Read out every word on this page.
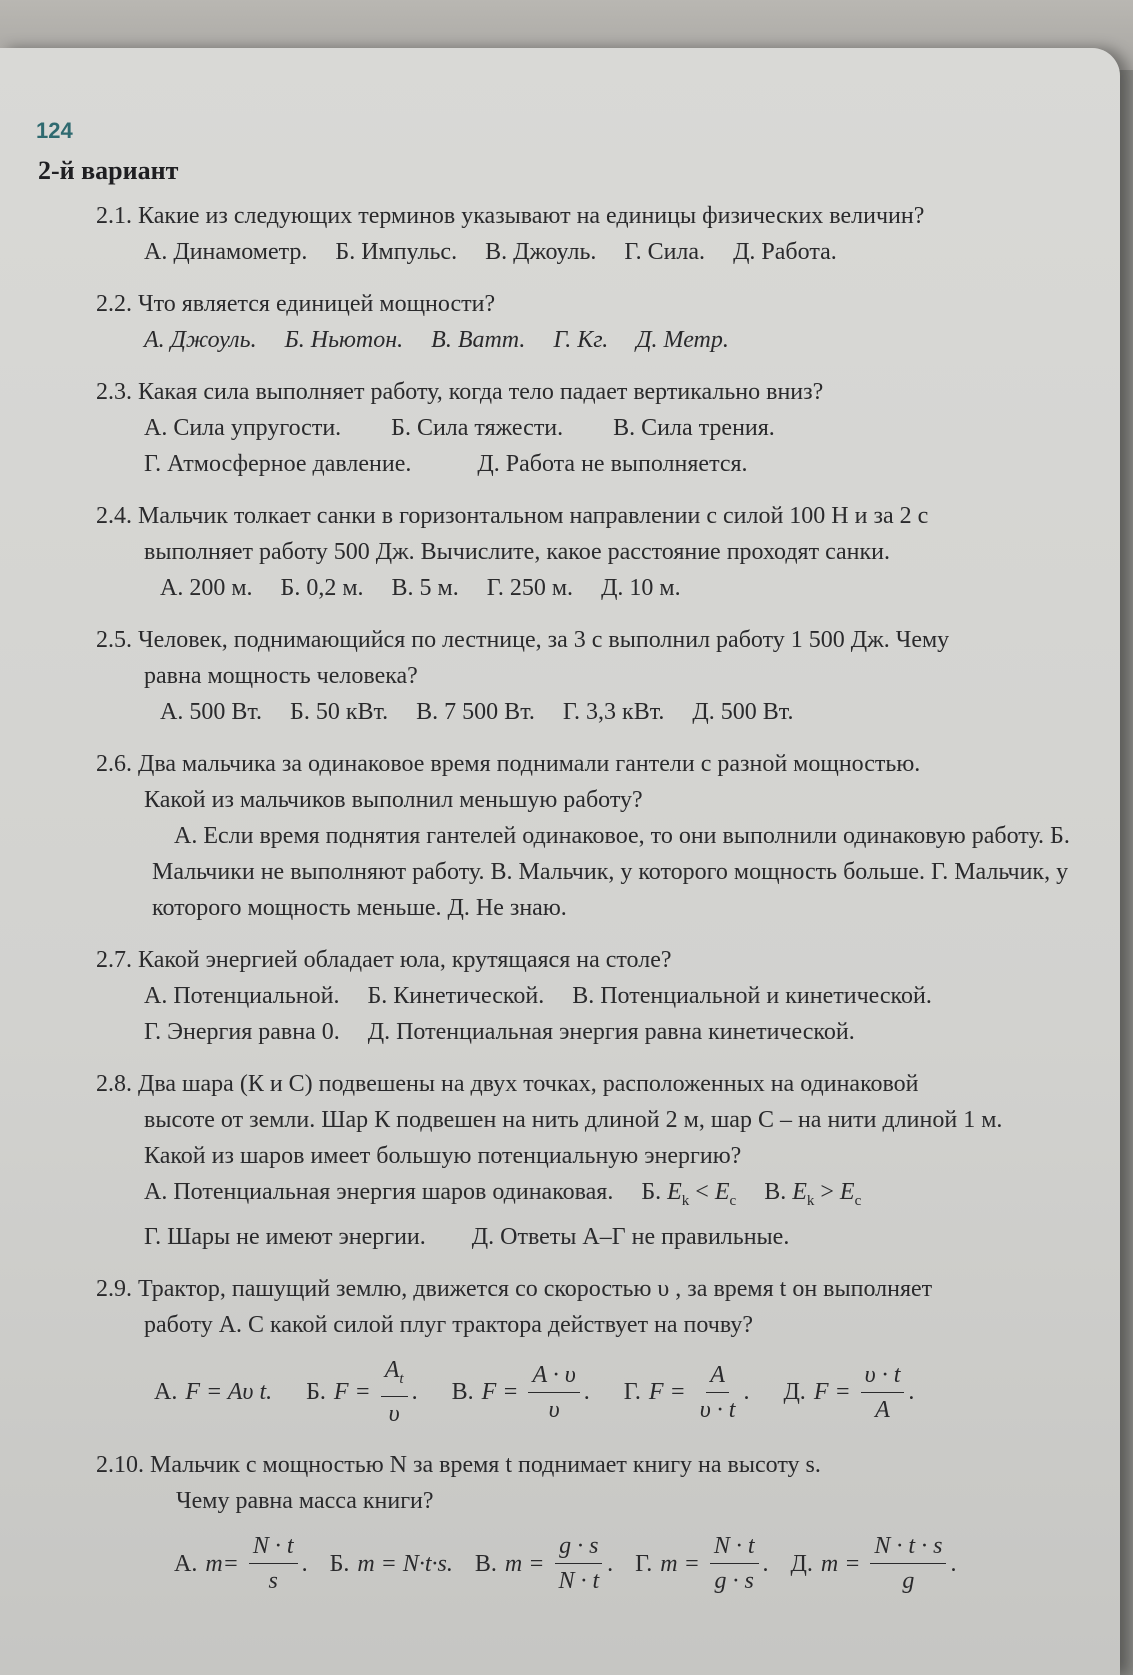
124
2-й вариант
2.1. Какие из следующих терминов указывают на единицы физических величин?
А. Динамометр. Б. Импульс. В. Джоуль. Г. Сила. Д. Работа.
2.2. Что является единицей мощности?
А. Джоуль. Б. Ньютон. В. Ватт. Г. Кг. Д. Метр.
2.3. Какая сила выполняет работу, когда тело падает вертикально вниз?
А. Сила упругости. Б. Сила тяжести. В. Сила трения.
Г. Атмосферное давление.	Д. Работа не выполняется.
2.4. Мальчик толкает санки в горизонтальном направлении с силой 100 Н и за 2 с
выполняет работу 500 Дж. Вычислите, какое расстояние проходят санки.
А. 200 м. Б. 0,2 м. В. 5 м. Г. 250 м. Д. 10 м.
2.5. Человек, поднимающийся по лестнице, за 3 с выполнил работу 1 500 Дж. Чему
равна мощность человека?
А. 500 Вт. Б. 50 кВт. В. 7 500 Вт. Г. 3,3 кВт. Д. 500 Вт.
2.6. Два мальчика за одинаковое время поднимали гантели с разной мощностью.
Какой из мальчиков выполнил меньшую работу?
А. Если время поднятия гантелей одинаковое, то они выполнили одинаковую работу. Б. Мальчики не выполняют работу. В. Мальчик, у которого мощность больше. Г. Мальчик, у которого мощность меньше. Д. Не знаю.
2.7. Какой энергией обладает юла, крутящаяся на столе?
А. Потенциальной. Б. Кинетической. В. Потенциальной и кинетической.
Г. Энергия равна 0. Д. Потенциальная энергия равна кинетической.
2.8. Два шара (К и С) подвешены на двух точках, расположенных на одинаковой
высоте от земли. Шар К подвешен на нить длиной 2 м, шар С – на нити длиной 1 м.
Какой из шаров имеет большую потенциальную энергию?
А. Потенциальная энергия шаров одинаковая. Б. $E_k < E_c$ В. $E_k > E_c$
Г. Шары не имеют энергии. Д. Ответы А–Г не правильные.
2.9. Трактор, пашущий землю, движется со скоростью υ , за время t он выполняет
работу A. С какой силой плуг трактора действует на почву?
А. F = Aυ t. Б. $F = \frac{A_t}{\upsilon}$ . В. $F = \frac{A \cdot \upsilon}{\upsilon}$ . Г. $F = \frac{A}{\upsilon \cdot t}$ . Д. $F = \frac{\upsilon \cdot t}{A}$ .
2.10. Мальчик с мощностью N за время t поднимает книгу на высоту s.
Чему равна масса книги?
А. $m= \frac{N \cdot t}{s}$ . Б. m = N·t·s. В. $m = \frac{g \cdot s}{N \cdot t}$ . Г. $m = \frac{N \cdot t}{g \cdot s}$ . Д. $m = \frac{N \cdot t \cdot s}{g}$ .
